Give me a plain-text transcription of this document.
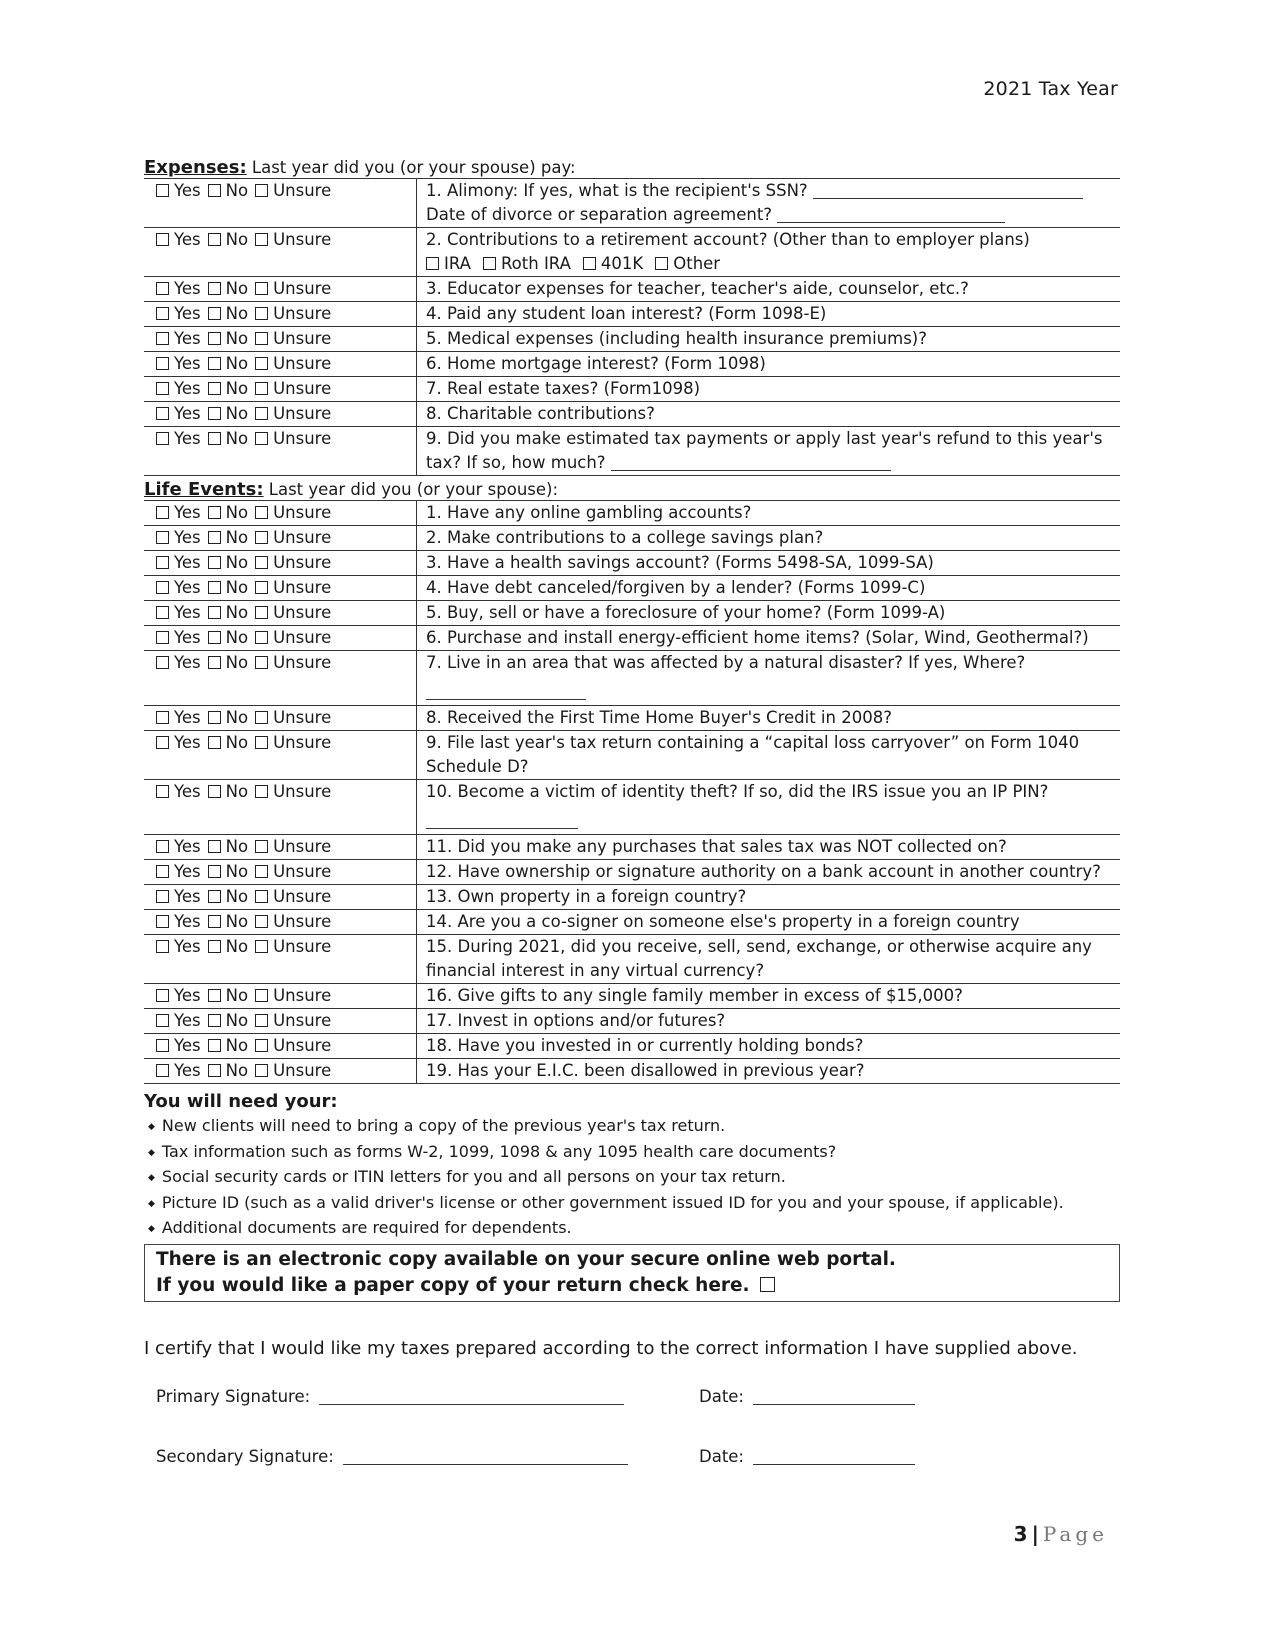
2021 Tax Year
Expenses: Last year did you (or your spouse) pay:
Yes No Unsure	1. Alimony: If yes, what is the recipient's SSN?
Date of divorce or separation agreement?

Yes No Unsure	2. Contributions to a retirement account? (Other than to employer plans)
IRA Roth IRA 401K Other

Yes No Unsure	3. Educator expenses for teacher, teacher's aide, counselor, etc.?
Yes No Unsure	4. Paid any student loan interest? (Form 1098-E)
Yes No Unsure	5. Medical expenses (including health insurance premiums)?
Yes No Unsure	6. Home mortgage interest? (Form 1098)
Yes No Unsure	7. Real estate taxes? (Form1098)
Yes No Unsure	8. Charitable contributions?
Yes No Unsure	9. Did you make estimated tax payments or apply last year's refund to this year's
tax? If so, how much?
Life Events: Last year did you (or your spouse):
Yes No Unsure	1. Have any online gambling accounts?
Yes No Unsure	2. Make contributions to a college savings plan?
Yes No Unsure	3. Have a health savings account? (Forms 5498-SA, 1099-SA)
Yes No Unsure	4. Have debt canceled/forgiven by a lender? (Forms 1099-C)
Yes No Unsure	5. Buy, sell or have a foreclosure of your home? (Form 1099-A)
Yes No Unsure	6. Purchase and install energy-efficient home items? (Solar, Wind, Geothermal?)
Yes No Unsure	7. Live in an area that was affected by a natural disaster? If yes, Where?

Yes No Unsure	8. Received the First Time Home Buyer's Credit in 2008?
Yes No Unsure	9. File last year's tax return containing a “capital loss carryover” on Form 1040
Schedule D?

Yes No Unsure	10. Become a victim of identity theft? If so, did the IRS issue you an IP PIN?

Yes No Unsure	11. Did you make any purchases that sales tax was NOT collected on?
Yes No Unsure	12. Have ownership or signature authority on a bank account in another country?
Yes No Unsure	13. Own property in a foreign country?
Yes No Unsure	14. Are you a co-signer on someone else's property in a foreign country
Yes No Unsure	15. During 2021, did you receive, sell, send, exchange, or otherwise acquire any
financial interest in any virtual currency?

Yes No Unsure	16. Give gifts to any single family member in excess of $15,000?
Yes No Unsure	17. Invest in options and/or futures?
Yes No Unsure	18. Have you invested in or currently holding bonds?
Yes No Unsure	19. Has your E.I.C. been disallowed in previous year?
You will need your:
◆ New clients will need to bring a copy of the previous year's tax return.
◆ Tax information such as forms W-2, 1099, 1098 & any 1095 health care documents?
◆ Social security cards or ITIN letters for you and all persons on your tax return.
◆ Picture ID (such as a valid driver's license or other government issued ID for you and your spouse, if applicable).
◆ Additional documents are required for dependents.
There is an electronic copy available on your secure online web portal.
If you would like a paper copy of your return check here.
I certify that I would like my taxes prepared according to the correct information I have supplied above.
Primary Signature:	Date:
Secondary Signature:	Date:
3 | Page
